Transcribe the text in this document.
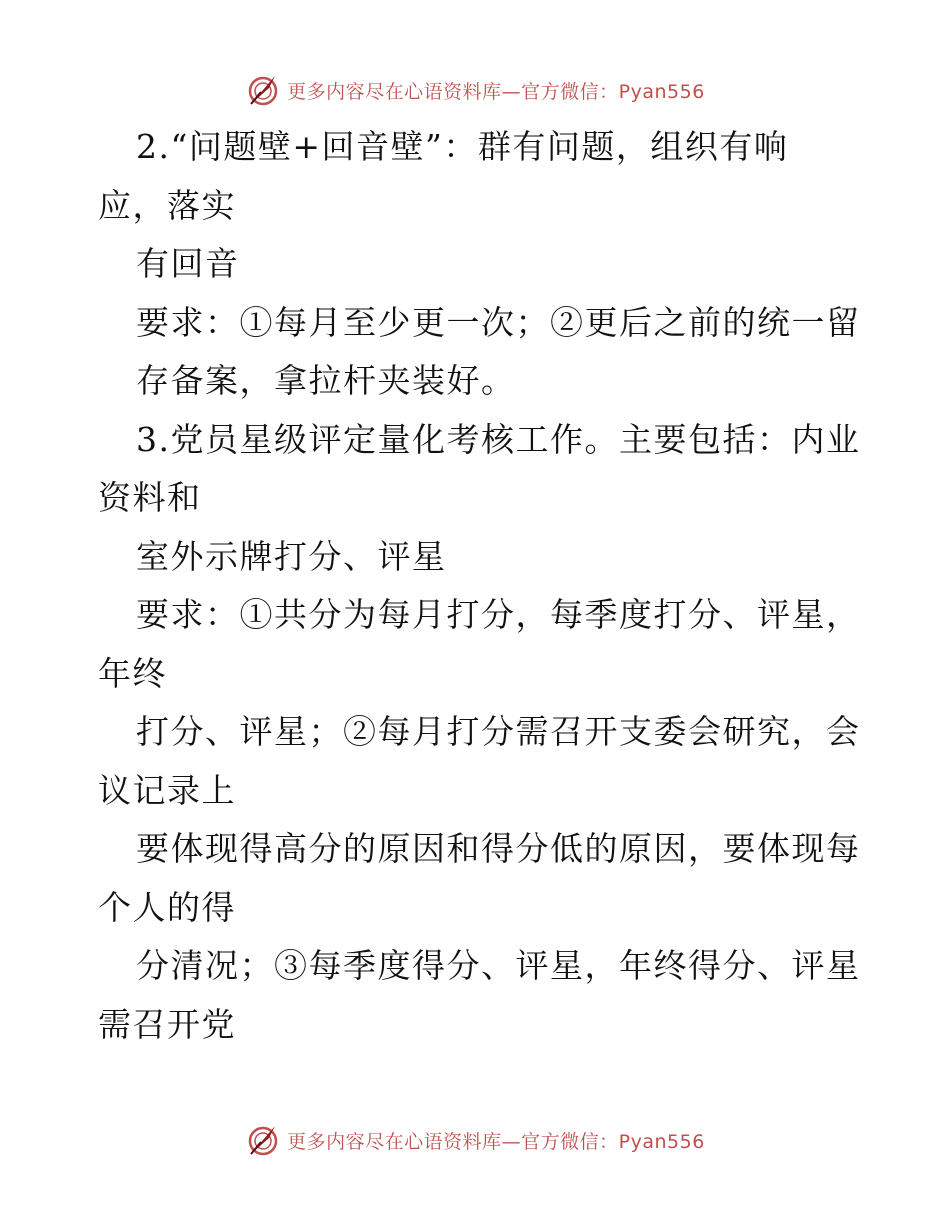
更多内容尽在心语资料库—官方微信：Pyan556
2.“问题壁+回音壁”：群有问题，组织有响
应，落实
有回音
要求：①每月至少更一次；②更后之前的统一留
存备案，拿拉杆夹装好。
3.党员星级评定量化考核工作。主要包括：内业
资料和
室外示牌打分、评星
要求：①共分为每月打分，每季度打分、评星，
年终
打分、评星；②每月打分需召开支委会研究，会
议记录上
要体现得高分的原因和得分低的原因，要体现每
个人的得
分清况；③每季度得分、评星，年终得分、评星
需召开党
更多内容尽在心语资料库—官方微信：Pyan556
